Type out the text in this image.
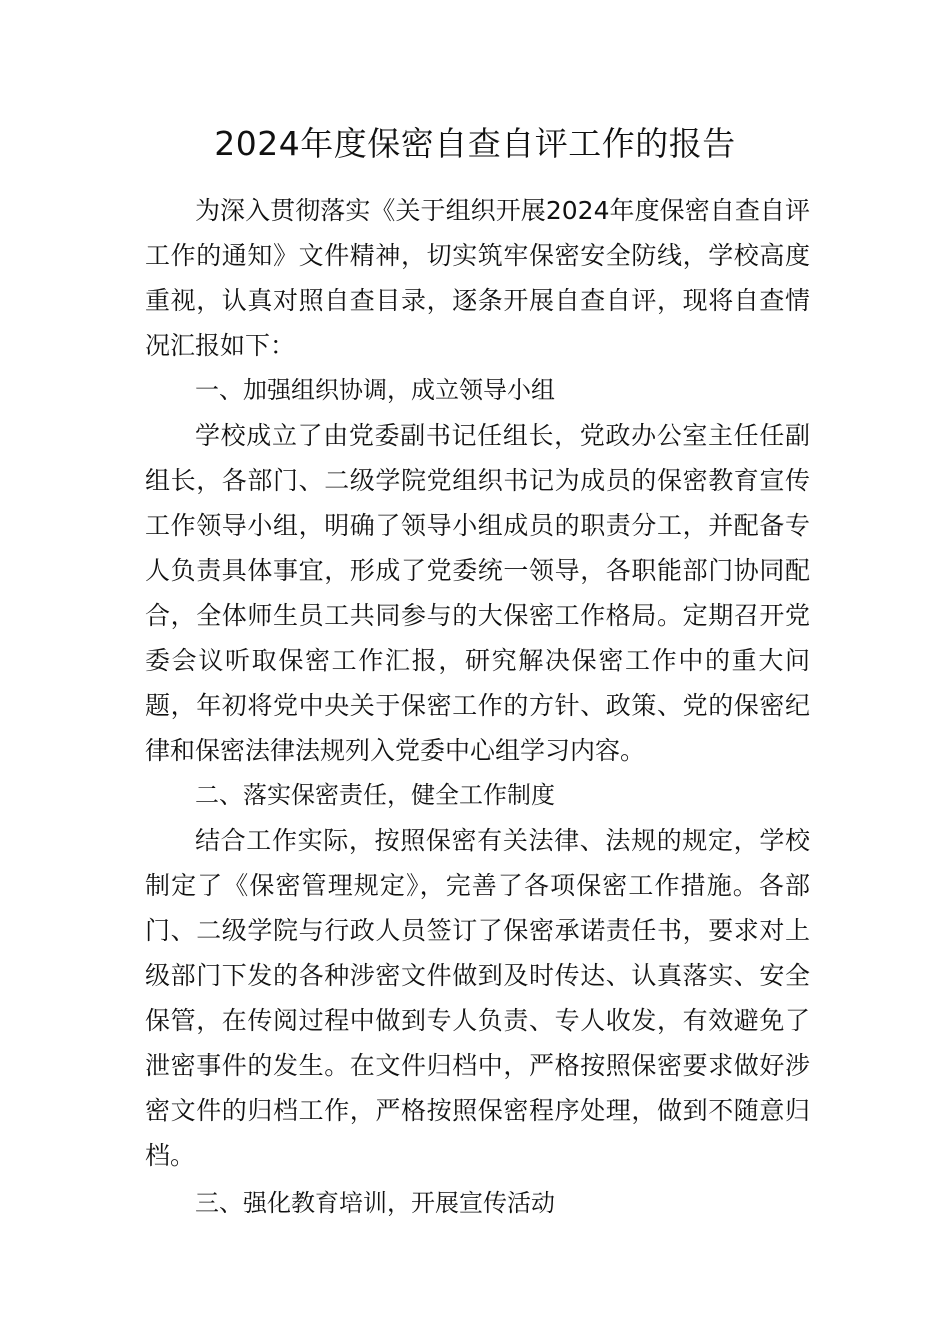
2024年度保密自查自评工作的报告

为深入贯彻落实《关于组织开展2024年度保密自查自评工作的通知》文件精神，切实筑牢保密安全防线，学校高度重视，认真对照自查目录，逐条开展自查自评，现将自查情况汇报如下：

一、加强组织协调，成立领导小组

学校成立了由党委副书记任组长，党政办公室主任任副组长，各部门、二级学院党组织书记为成员的保密教育宣传工作领导小组，明确了领导小组成员的职责分工，并配备专人负责具体事宜，形成了党委统一领导，各职能部门协同配合，全体师生员工共同参与的大保密工作格局。定期召开党委会议听取保密工作汇报，研究解决保密工作中的重大问题，年初将党中央关于保密工作的方针、政策、党的保密纪律和保密法律法规列入党委中心组学习内容。

二、落实保密责任，健全工作制度

结合工作实际，按照保密有关法律、法规的规定，学校制定了《保密管理规定》，完善了各项保密工作措施。各部门、二级学院与行政人员签订了保密承诺责任书，要求对上级部门下发的各种涉密文件做到及时传达、认真落实、安全保管，在传阅过程中做到专人负责、专人收发，有效避免了泄密事件的发生。在文件归档中，严格按照保密要求做好涉密文件的归档工作，严格按照保密程序处理，做到不随意归档。

三、强化教育培训，开展宣传活动
